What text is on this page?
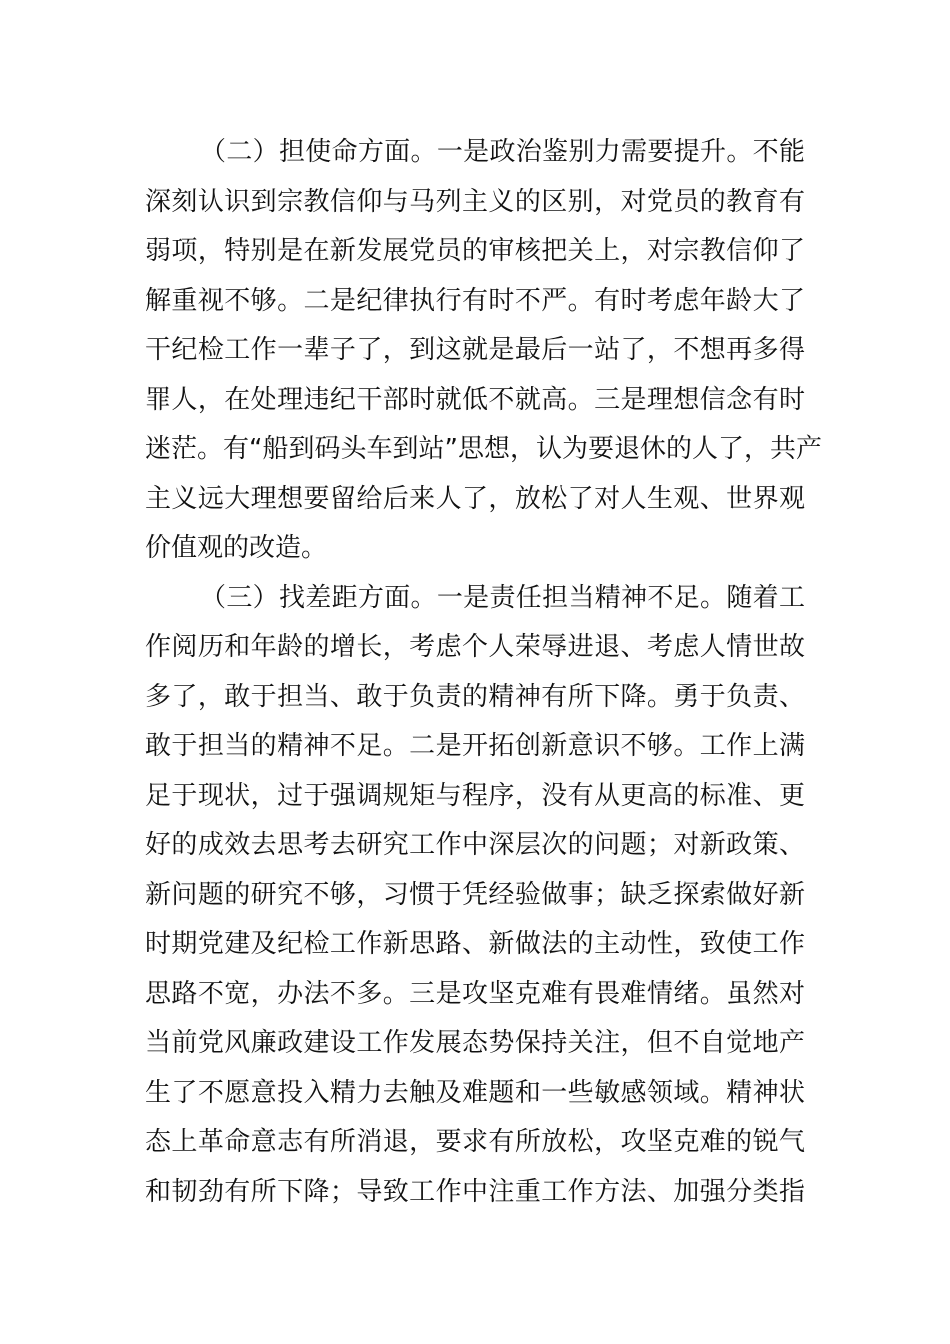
（二）担使命方面。一是政治鉴别力需要提升。不能
深刻认识到宗教信仰与马列主义的区别，对党员的教育有
弱项，特别是在新发展党员的审核把关上，对宗教信仰了
解重视不够。二是纪律执行有时不严。有时考虑年龄大了
干纪检工作一辈子了，到这就是最后一站了，不想再多得
罪人，在处理违纪干部时就低不就高。三是理想信念有时
迷茫。有“船到码头车到站”思想，认为要退休的人了，共产
主义远大理想要留给后来人了，放松了对人生观、世界观
价值观的改造。
（三）找差距方面。一是责任担当精神不足。随着工
作阅历和年龄的增长，考虑个人荣辱进退、考虑人情世故
多了，敢于担当、敢于负责的精神有所下降。勇于负责、
敢于担当的精神不足。二是开拓创新意识不够。工作上满
足于现状，过于强调规矩与程序，没有从更高的标准、更
好的成效去思考去研究工作中深层次的问题；对新政策、
新问题的研究不够，习惯于凭经验做事；缺乏探索做好新
时期党建及纪检工作新思路、新做法的主动性，致使工作
思路不宽，办法不多。三是攻坚克难有畏难情绪。虽然对
当前党风廉政建设工作发展态势保持关注，但不自觉地产
生了不愿意投入精力去触及难题和一些敏感领域。精神状
态上革命意志有所消退，要求有所放松，攻坚克难的锐气
和韧劲有所下降；导致工作中注重工作方法、加强分类指
